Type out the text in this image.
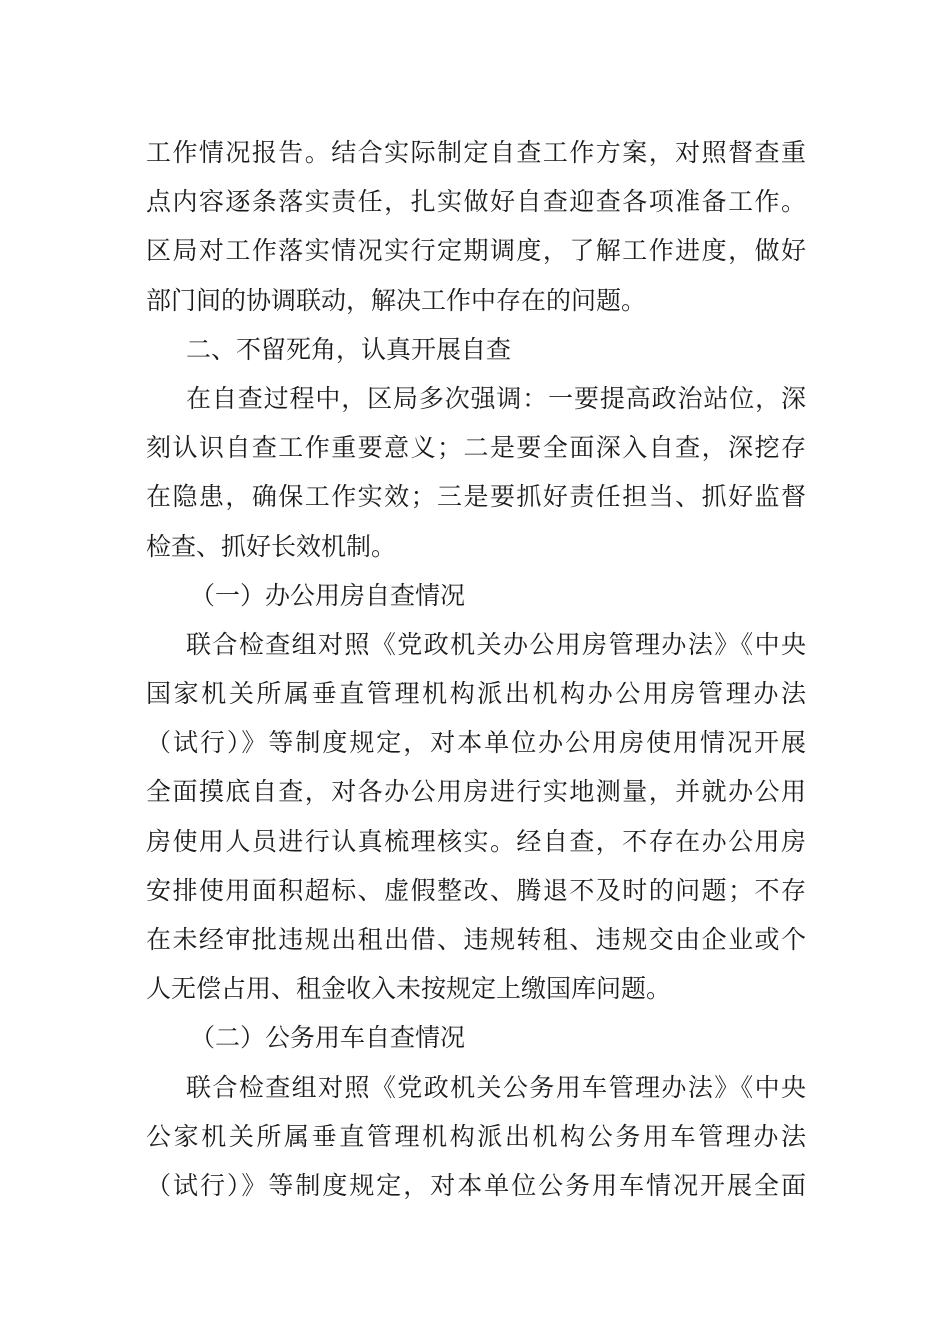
工作情况报告。结合实际制定自查工作方案，对照督查重
点内容逐条落实责任，扎实做好自查迎查各项准备工作。
区局对工作落实情况实行定期调度，了解工作进度，做好
部门间的协调联动，解决工作中存在的问题。
二、不留死角，认真开展自查
在自查过程中，区局多次强调：一要提高政治站位，深
刻认识自查工作重要意义；二是要全面深入自查，深挖存
在隐患，确保工作实效；三是要抓好责任担当、抓好监督
检查、抓好长效机制。
（一）办公用房自查情况
联合检查组对照《党政机关办公用房管理办法》《中央
国家机关所属垂直管理机构派出机构办公用房管理办法
（试行）》等制度规定，对本单位办公用房使用情况开展
全面摸底自查，对各办公用房进行实地测量，并就办公用
房使用人员进行认真梳理核实。经自查，不存在办公用房
安排使用面积超标、虚假整改、腾退不及时的问题；不存
在未经审批违规出租出借、违规转租、违规交由企业或个
人无偿占用、租金收入未按规定上缴国库问题。
（二）公务用车自查情况
联合检查组对照《党政机关公务用车管理办法》《中央
公家机关所属垂直管理机构派出机构公务用车管理办法
（试行）》等制度规定，对本单位公务用车情况开展全面
